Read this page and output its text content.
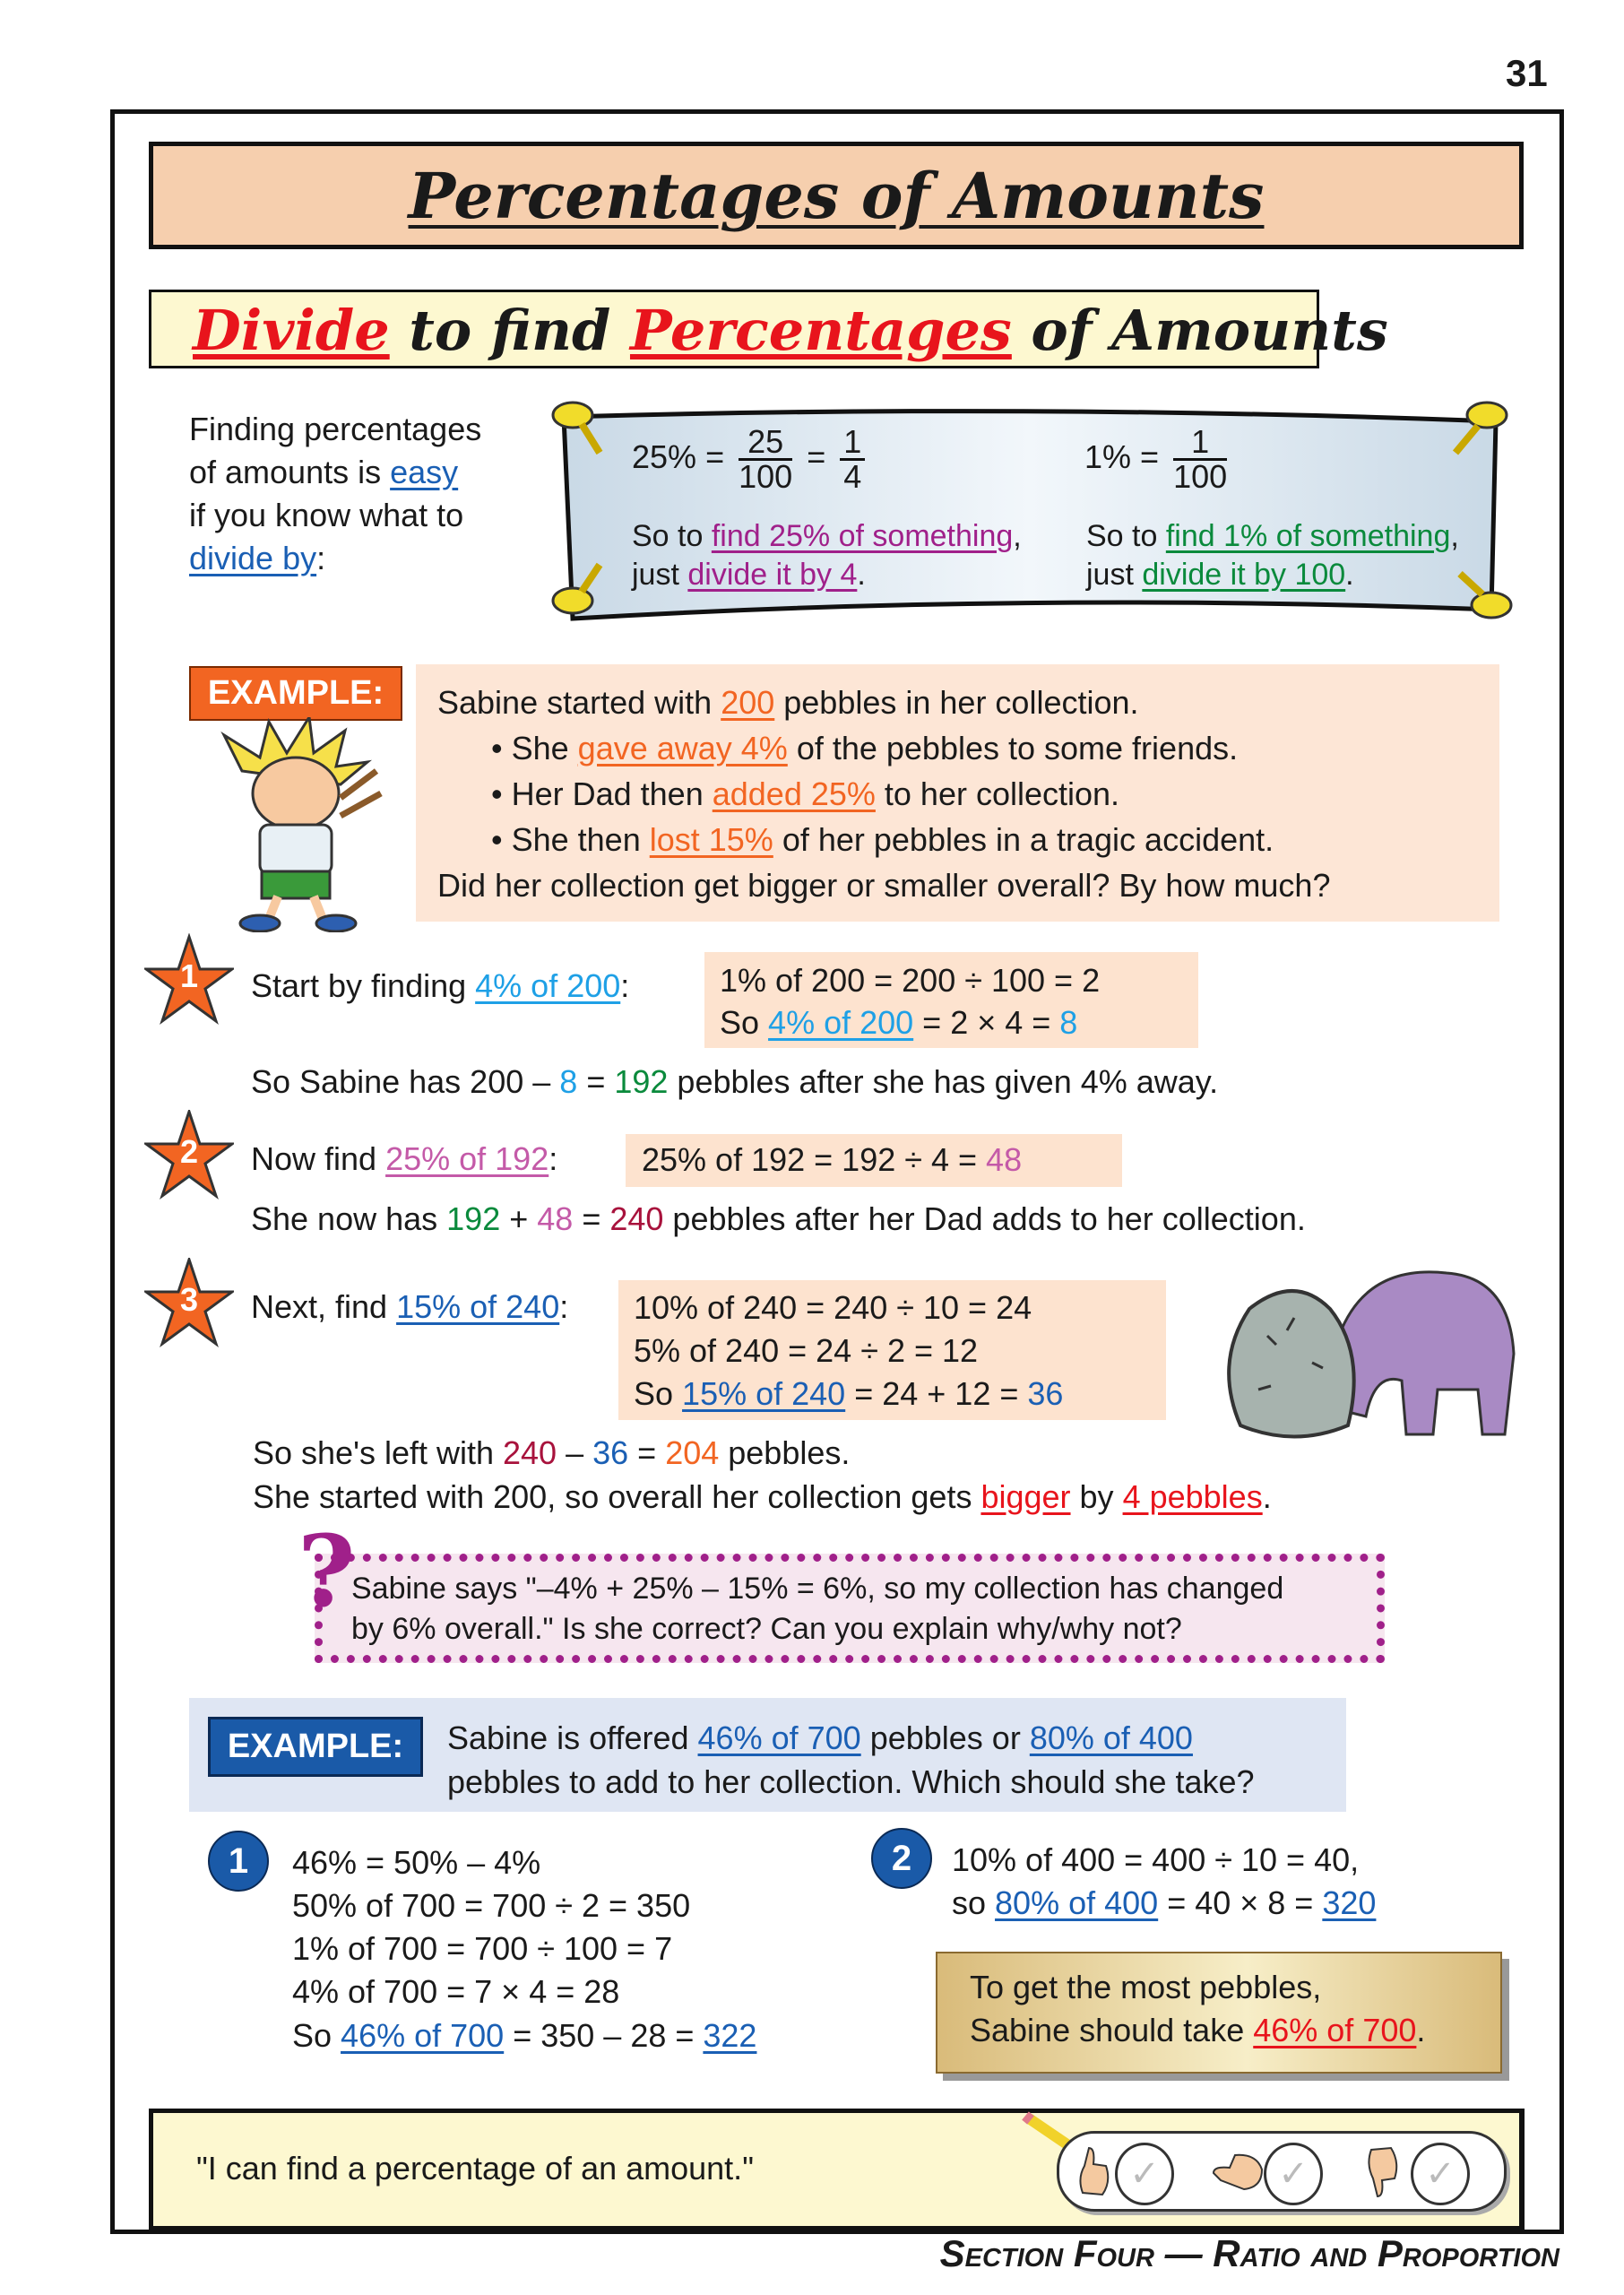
31
Percentages of Amounts
Divide to find Percentages of Amounts
Finding percentages
of amounts is easy
if you know what to
divide by:
$25\% = \frac{25}{100} = \frac{1}{4}$	$1\% = \frac{1}{100}$
So to find 25% of something,
just divide it by 4.
So to find 1% of something,
just divide it by 100.
EXAMPLE:	Sabine started with 200 pebbles in her collection.
• She gave away 4% of the pebbles to some friends.
• Her Dad then added 25% to her collection.
• She then lost 15% of her pebbles in a tragic accident.
Did her collection get bigger or smaller overall? By how much?
1	Start by finding 4% of 200:	1% of 200 = 200 ÷ 100 = 2
So 4% of 200 = 2 × 4 = 8
So Sabine has 200 – 8 = 192 pebbles after she has given 4% away.
2	Now find 25% of 192:	25% of 192 = 192 ÷ 4 = 48
She now has 192 + 48 = 240 pebbles after her Dad adds to her collection.
3	Next, find 15% of 240: 10% of 240 = 240 ÷ 10 = 24
5% of 240 = 24 ÷ 2 = 12
So 15% of 240 = 24 + 12 = 36
So she's left with 240 – 36 = 204 pebbles.
She started with 200, so overall her collection gets bigger by 4 pebbles.
?
Sabine says "–4% + 25% – 15% = 6%, so my collection has changed
by 6% overall." Is she correct? Can you explain why/why not?
EXAMPLE:	Sabine is offered 46% of 700 pebbles or 80% of 400
pebbles to add to her collection. Which should she take?
1	46% = 50% – 4%
50% of 700 = 700 ÷ 2 = 350
1% of 700 = 700 ÷ 100 = 7
4% of 700 = 7 × 4 = 28
So 46% of 700 = 350 – 28 = 322
2	10% of 400 = 400 ÷ 10 = 40,
so 80% of 400 = 40 × 8 = 320
To get the most pebbles,
Sabine should take 46% of 700.
"I can find a percentage of an amount."	✓	✓	✓
Section Four — Ratio and Proportion
